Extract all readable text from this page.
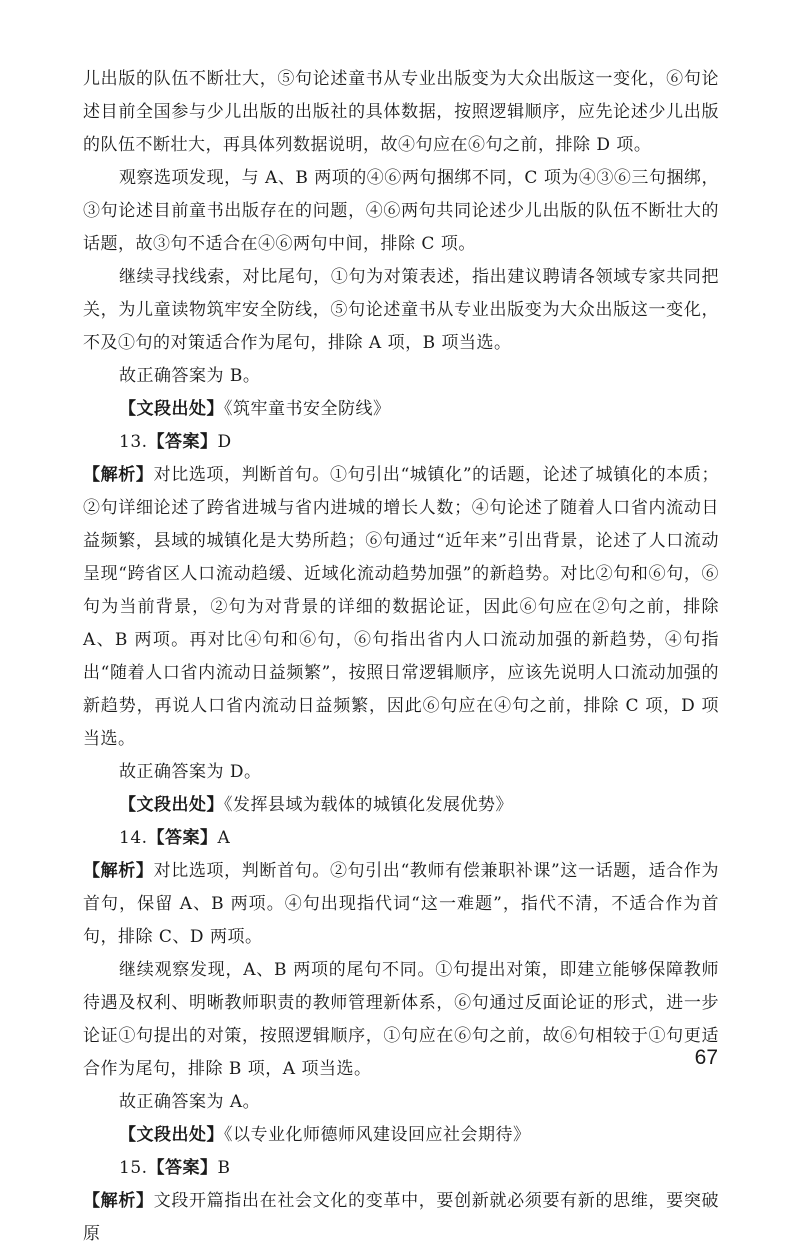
儿出版的队伍不断壮大，⑤句论述童书从专业出版变为大众出版这一变化，⑥句论述目前全国参与少儿出版的出版社的具体数据，按照逻辑顺序，应先论述少儿出版的队伍不断壮大，再具体列数据说明，故④句应在⑥句之前，排除 D 项。

观察选项发现，与 A、B 两项的④⑥两句捆绑不同，C 项为④③⑥三句捆绑，③句论述目前童书出版存在的问题，④⑥两句共同论述少儿出版的队伍不断壮大的话题，故③句不适合在④⑥两句中间，排除 C 项。

继续寻找线索，对比尾句，①句为对策表述，指出建议聘请各领域专家共同把关，为儿童读物筑牢安全防线，⑤句论述童书从专业出版变为大众出版这一变化，不及①句的对策适合作为尾句，排除 A 项，B 项当选。

故正确答案为 B。

【文段出处】《筑牢童书安全防线》

13.【答案】D

【解析】对比选项，判断首句。①句引出“城镇化”的话题，论述了城镇化的本质；②句详细论述了跨省进城与省内进城的增长人数；④句论述了随着人口省内流动日益频繁，县域的城镇化是大势所趋；⑥句通过“近年来”引出背景，论述了人口流动呈现“跨省区人口流动趋缓、近域化流动趋势加强”的新趋势。对比②句和⑥句，⑥句为当前背景，②句为对背景的详细的数据论证，因此⑥句应在②句之前，排除 A、B 两项。再对比④句和⑥句，⑥句指出省内人口流动加强的新趋势，④句指出“随着人口省内流动日益频繁”，按照日常逻辑顺序，应该先说明人口流动加强的新趋势，再说人口省内流动日益频繁，因此⑥句应在④句之前，排除 C 项，D 项当选。

故正确答案为 D。

【文段出处】《发挥县域为载体的城镇化发展优势》

14.【答案】A

【解析】对比选项，判断首句。②句引出“教师有偿兼职补课”这一话题，适合作为首句，保留 A、B 两项。④句出现指代词“这一难题”，指代不清，不适合作为首句，排除 C、D 两项。

继续观察发现，A、B 两项的尾句不同。①句提出对策，即建立能够保障教师待遇及权利、明晰教师职责的教师管理新体系，⑥句通过反面论证的形式，进一步论证①句提出的对策，按照逻辑顺序，①句应在⑥句之前，故⑥句相较于①句更适合作为尾句，排除 B 项，A 项当选。

故正确答案为 A。

【文段出处】《以专业化师德师风建设回应社会期待》

15.【答案】B

【解析】文段开篇指出在社会文化的变革中，要创新就必须要有新的思维，要突破原

67
